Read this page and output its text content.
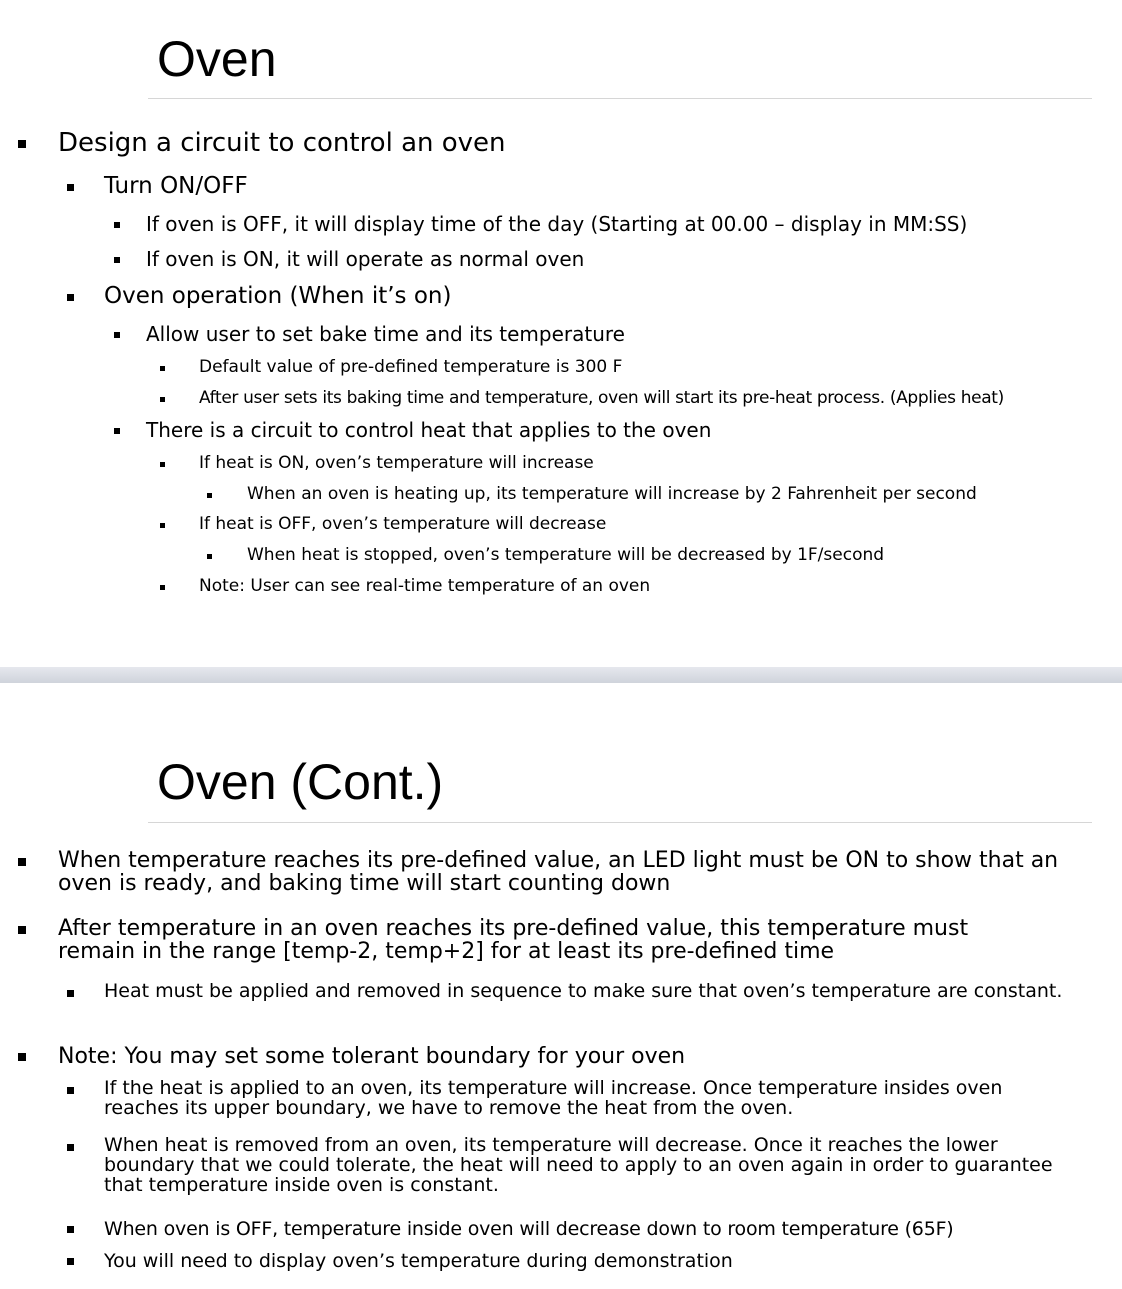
Oven
Design a circuit to control an oven
Turn ON/OFF
If oven is OFF, it will display time of the day (Starting at 00.00 – display in MM:SS)
If oven is ON, it will operate as normal oven
Oven operation (When it’s on)
Allow user to set bake time and its temperature
Default value of pre-defined temperature is 300 F
After user sets its baking time and temperature, oven will start its pre-heat process. (Applies heat)
There is a circuit to control heat that applies to the oven
If heat is ON, oven’s temperature will increase
When an oven is heating up, its temperature will increase by 2 Fahrenheit per second
If heat is OFF, oven’s temperature will decrease
When heat is stopped, oven’s temperature will be decreased by 1F/second
Note: User can see real-time temperature of an oven
Oven (Cont.)
When temperature reaches its pre-defined value, an LED light must be ON to show that an oven is ready, and baking time will start counting down
After temperature in an oven reaches its pre-defined value, this temperature must remain in the range [temp-2, temp+2] for at least its pre-defined time
Heat must be applied and removed in sequence to make sure that oven’s temperature are constant.
Note: You may set some tolerant boundary for your oven
If the heat is applied to an oven, its temperature will increase. Once temperature insides oven reaches its upper boundary, we have to remove the heat from the oven.
When heat is removed from an oven, its temperature will decrease. Once it reaches the lower boundary that we could tolerate, the heat will need to apply to an oven again in order to guarantee that temperature inside oven is constant.
When oven is OFF, temperature inside oven will decrease down to room temperature (65F)
You will need to display oven’s temperature during demonstration
